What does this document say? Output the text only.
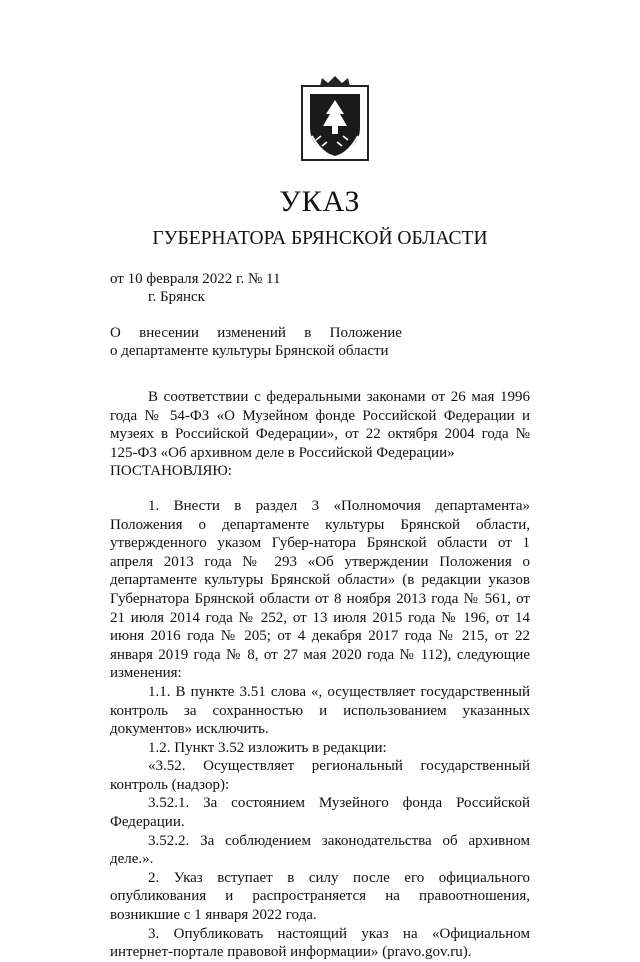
УКАЗ
ГУБЕРНАТОРА БРЯНСКОЙ ОБЛАСТИ
от 10 февраля 2022 г. № 11
г. Брянск
О внесении изменений в Положение
о департаменте культуры Брянской области

В соответствии с федеральными законами от 26 мая 1996 года № 54-ФЗ «О Музейном фонде Российской Федерации и музеях в Российской Федерации», от 22 октября 2004 года № 125-ФЗ «Об архивном деле в Российской Федерации»

ПОСТАНОВЛЯЮ:

1. Внести в раздел 3 «Полномочия департамента» Положения о департаменте культуры Брянской области, утвержденного указом Губер-натора Брянской области от 1 апреля 2013 года № 293 «Об утверждении Положения о департаменте культуры Брянской области» (в редакции указов Губернатора Брянской области от 8 ноября 2013 года № 561, от 21 июля 2014 года № 252, от 13 июля 2015 года № 196, от 14 июня 2016 года № 205; от 4 декабря 2017 года № 215, от 22 января 2019 года № 8, от 27 мая 2020 года № 112), следующие изменения:

1.1. В пункте 3.51 слова «, осуществляет государственный контроль за сохранностью и использованием указанных документов» исключить.

1.2. Пункт 3.52 изложить в редакции:

«3.52. Осуществляет региональный государственный контроль (надзор):

3.52.1. За состоянием Музейного фонда Российской Федерации.

3.52.2. За соблюдением законодательства об архивном деле.».

2. Указ вступает в силу после его официального опубликования и распространяется на правоотношения, возникшие с 1 января 2022 года.

3. Опубликовать настоящий указ на «Официальном интернет-портале правовой информации» (pravo.gov.ru).
